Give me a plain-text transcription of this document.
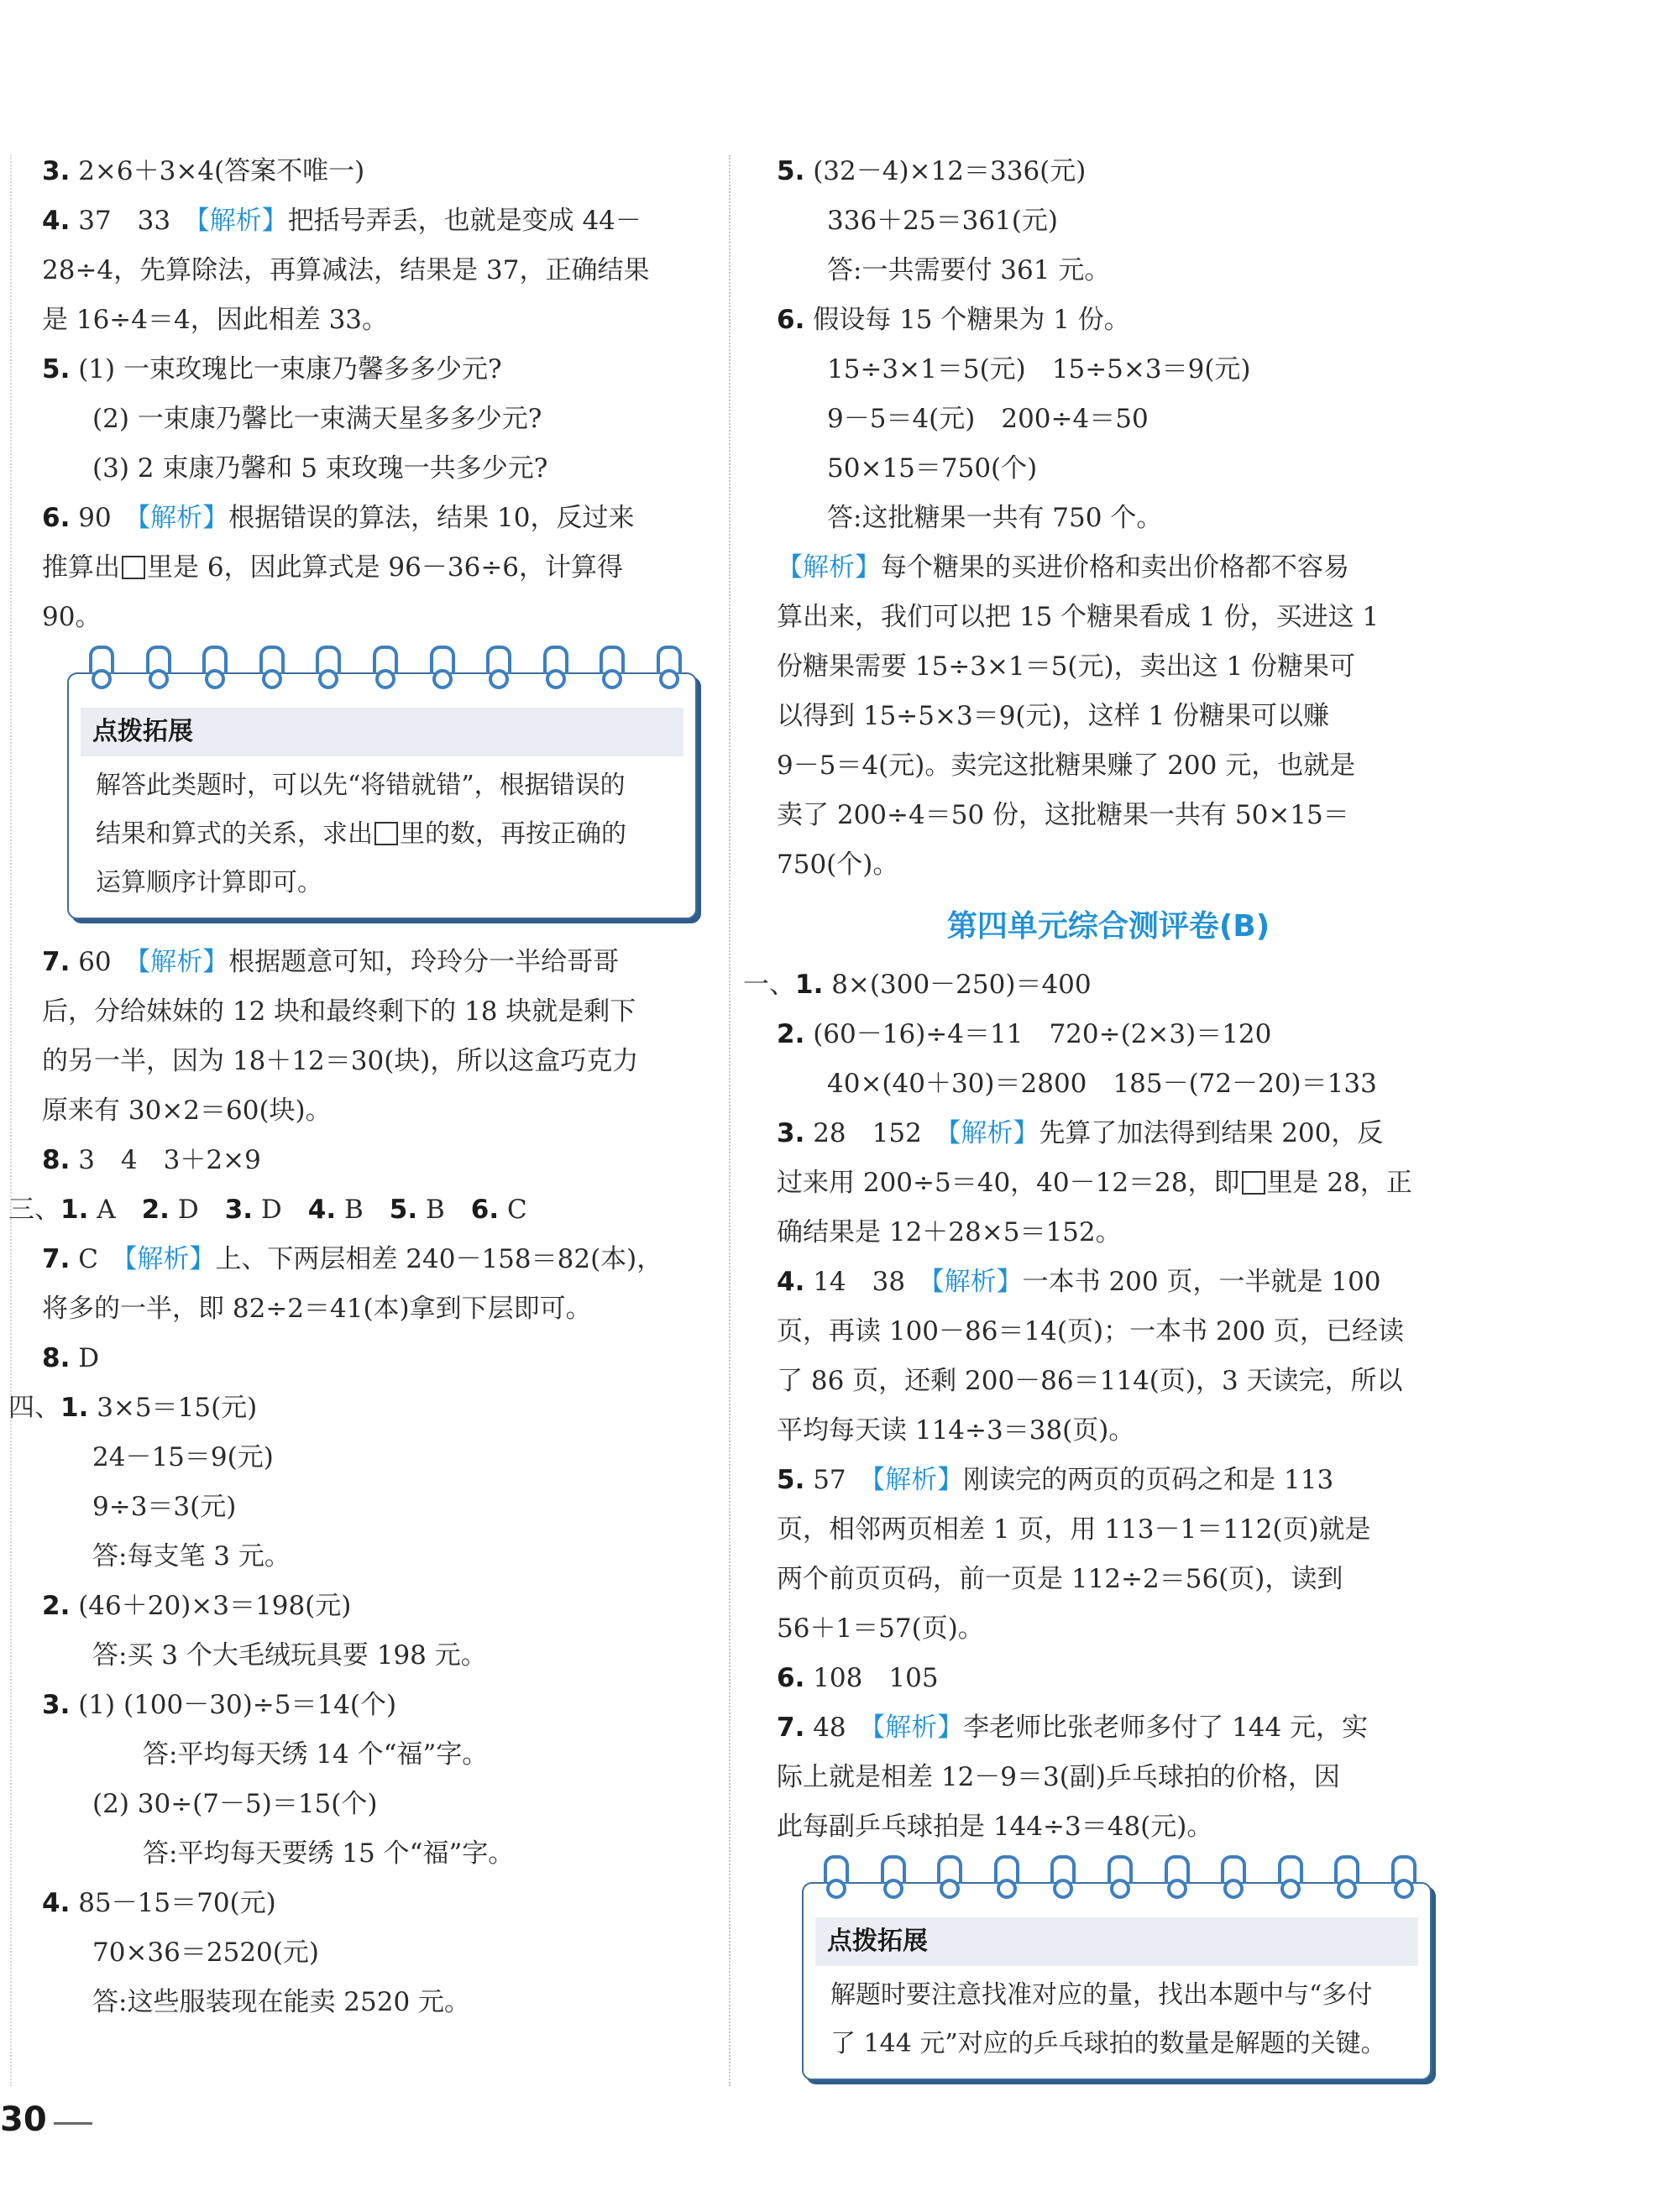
3. 2×6＋3×4(答案不唯一)
4. 37　33　【解析】把括号弄丢，也就是变成 44－
28÷4，先算除法，再算减法，结果是 37，正确结果
是 16÷4＝4，因此相差 33。
5. (1) 一束玫瑰比一束康乃馨多多少元?
(2) 一束康乃馨比一束满天星多多少元?
(3) 2 束康乃馨和 5 束玫瑰一共多少元?
6. 90　【解析】根据错误的算法，结果 10，反过来
推算出 里是 6，因此算式是 96－36÷6，计算得
90。
点拨拓展
解答此类题时，可以先“将错就错”，根据错误的
结果和算式的关系，求出 里的数，再按正确的
运算顺序计算即可。
7. 60　【解析】根据题意可知，玲玲分一半给哥哥
后，分给妹妹的 12 块和最终剩下的 18 块就是剩下
的另一半，因为 18＋12＝30(块)，所以这盒巧克力
原来有 30×2＝60(块)。
8. 3　4　3＋2×9
三、1. A　2. D　3. D　4. B　5. B　6. C
7. C　【解析】上、下两层相差 240－158＝82(本)，
将多的一半，即 82÷2＝41(本)拿到下层即可。
8. D
四、1. 3×5＝15(元)
24－15＝9(元)
9÷3＝3(元)
答:每支笔 3 元。
2. (46＋20)×3＝198(元)
答:买 3 个大毛绒玩具要 198 元。
3. (1) (100－30)÷5＝14(个)
答:平均每天绣 14 个“福”字。
(2) 30÷(7－5)＝15(个)
答:平均每天要绣 15 个“福”字。
4. 85－15＝70(元)
70×36＝2520(元)
答:这些服装现在能卖 2520 元。
5. (32－4)×12＝336(元)
336＋25＝361(元)
答:一共需要付 361 元。
6. 假设每 15 个糖果为 1 份。
15÷3×1＝5(元)　15÷5×3＝9(元)
9－5＝4(元)　200÷4＝50
50×15＝750(个)
答:这批糖果一共有 750 个。
【解析】每个糖果的买进价格和卖出价格都不容易
算出来，我们可以把 15 个糖果看成 1 份，买进这 1
份糖果需要 15÷3×1＝5(元)，卖出这 1 份糖果可
以得到 15÷5×3＝9(元)，这样 1 份糖果可以赚
9－5＝4(元)。卖完这批糖果赚了 200 元，也就是
卖了 200÷4＝50 份，这批糖果一共有 50×15＝
750(个)。
第四单元综合测评卷(B)
一、1. 8×(300－250)＝400
2. (60－16)÷4＝11　720÷(2×3)＝120
40×(40＋30)＝2800　185－(72－20)＝133
3. 28　152　【解析】先算了加法得到结果 200，反
过来用 200÷5＝40，40－12＝28，即 里是 28，正
确结果是 12＋28×5＝152。
4. 14　38　【解析】一本书 200 页，一半就是 100
页，再读 100－86＝14(页)；一本书 200 页，已经读
了 86 页，还剩 200－86＝114(页)，3 天读完，所以
平均每天读 114÷3＝38(页)。
5. 57　【解析】刚读完的两页的页码之和是 113
页，相邻两页相差 1 页，用 113－1＝112(页)就是
两个前页页码，前一页是 112÷2＝56(页)，读到
56＋1＝57(页)。
6. 108　105
7. 48　【解析】李老师比张老师多付了 144 元，实
际上就是相差 12－9＝3(副)乒乓球拍的价格，因
此每副乒乓球拍是 144÷3＝48(元)。
点拨拓展
解题时要注意找准对应的量，找出本题中与“多付
了 144 元”对应的乒乓球拍的数量是解题的关键。
30
